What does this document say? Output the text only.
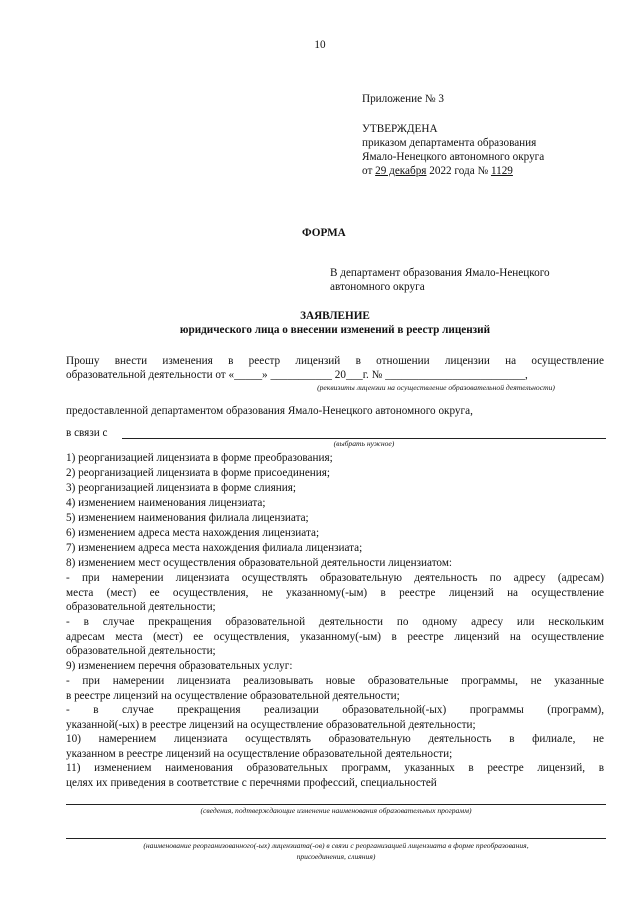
10
Приложение № 3
УТВЕРЖДЕНА
приказом департамента образования
Ямало-Ненецкого автономного округа
от 29 декабря 2022 года № 1129
ФОРМА
В департамент образования Ямало-Ненецкого
автономного округа
ЗАЯВЛЕНИЕ
юридического лица о внесении изменений в реестр лицензий
Прошу внести изменения в реестр лицензий в отношении лицензии на осуществление
образовательной деятельности от «_____» ___________ 20___г. № _________________________,
(реквизиты лицензии на осуществление образовательной деятельности)
предоставленной департаментом образования Ямало-Ненецкого автономного округа,
в связи с
(выбрать нужное)
1) реорганизацией лицензиата в форме преобразования;
2) реорганизацией лицензиата в форме присоединения;
3) реорганизацией лицензиата в форме слияния;
4) изменением наименования лицензиата;
5) изменением наименования филиала лицензиата;
6) изменением адреса места нахождения лицензиата;
7) изменением адреса места нахождения филиала лицензиата;
8) изменением мест осуществления образовательной деятельности лицензиатом:
- при намерении лицензиата осуществлять образовательную деятельность по адресу (адресам)
места (мест) ее осуществления, не указанному(-ым) в реестре лицензий на осуществление
образовательной деятельности;
- в случае прекращения образовательной деятельности по одному адресу или нескольким
адресам места (мест) ее осуществления, указанному(-ым) в реестре лицензий на осуществление
образовательной деятельности;
9) изменением перечня образовательных услуг:
- при намерении лицензиата реализовывать новые образовательные программы, не указанные
в реестре лицензий на осуществление образовательной деятельности;
- в случае прекращения реализации образовательной(-ых) программы (программ),
указанной(-ых) в реестре лицензий на осуществление образовательной деятельности;
10) намерением лицензиата осуществлять образовательную деятельность в филиале, не
указанном в реестре лицензий на осуществление образовательной деятельности;
11) изменением наименования образовательных программ, указанных в реестре лицензий, в
целях их приведения в соответствие с перечнями профессий, специальностей
(сведения, подтверждающие изменение наименования образовательных программ)
(наименование реорганизованного(-ых) лицензиата(-ов) в связи с реорганизацией лицензиата в форме преобразования,
присоединения, слияния)
